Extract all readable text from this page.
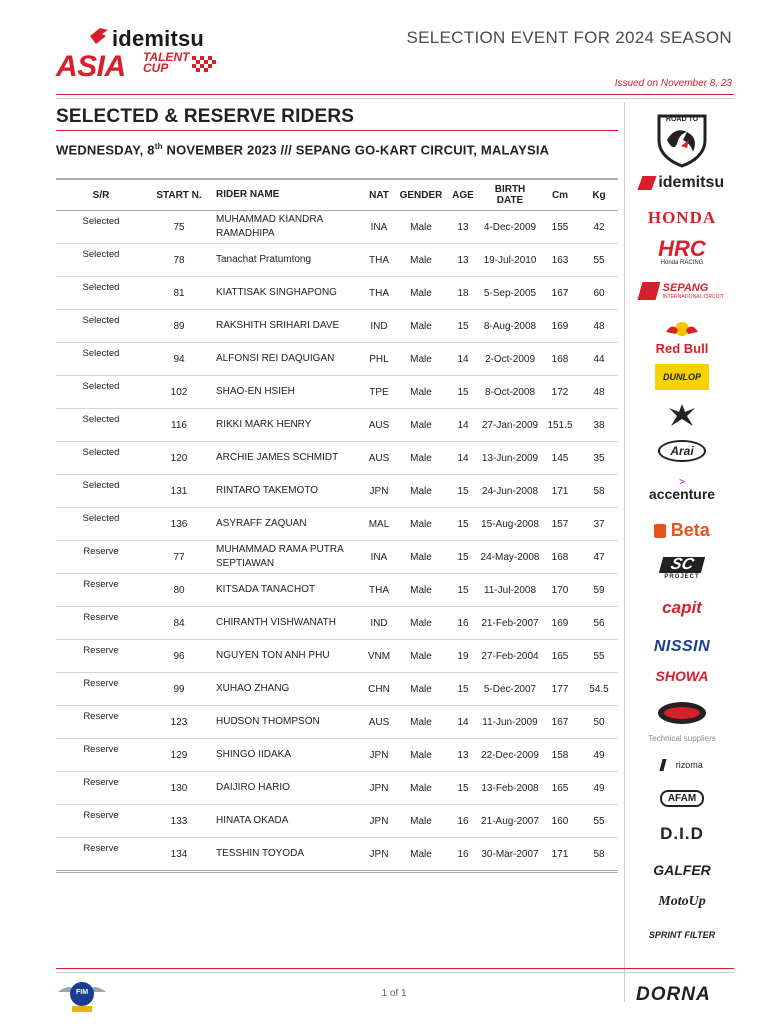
idemitsu
ASIA TALENT
CUP
SELECTION EVENT FOR 2024 SEASON
Issued on November 8, 23
SELECTED & RESERVE RIDERS
WEDNESDAY, 8th NOVEMBER 2023 /// SEPANG GO-KART CIRCUIT, MALAYSIA
S/R	START N.	RIDER NAME	NAT	GENDER	AGE	BIRTH DATE	Cm	Kg
Selected	75	MUHAMMAD KIANDRA RAMADHIPA	INA	Male	13	4-Dec-2009	155	42
Selected	78	Tanachat Pratumtong	THA	Male	13	19-Jul-2010	163	55
Selected	81	KIATTISAK SINGHAPONG	THA	Male	18	5-Sep-2005	167	60
Selected	89	RAKSHITH SRIHARI DAVE	IND	Male	15	8-Aug-2008	169	48
Selected	94	ALFONSI REI DAQUIGAN	PHL	Male	14	2-Oct-2009	168	44
Selected	102	SHAO-EN HSIEH	TPE	Male	15	8-Oct-2008	172	48
Selected	116	RIKKI MARK HENRY	AUS	Male	14	27-Jan-2009	151.5	38
Selected	120	ARCHIE JAMES SCHMIDT	AUS	Male	14	13-Jun-2009	145	35
Selected	131	RINTARO TAKEMOTO	JPN	Male	15	24-Jun-2008	171	58
Selected	136	ASYRAFF ZAQUAN	MAL	Male	15	15-Aug-2008	157	37
Reserve	77	MUHAMMAD RAMA PUTRA SEPTIAWAN	INA	Male	15	24-May-2008	168	47
Reserve	80	KITSADA TANACHOT	THA	Male	15	11-Jul-2008	170	59
Reserve	84	CHIRANTH VISHWANATH	IND	Male	16	21-Feb-2007	169	56
Reserve	96	NGUYEN TON ANH PHU	VNM	Male	19	27-Feb-2004	165	55
Reserve	99	XUHAO ZHANG	CHN	Male	15	5-Dec-2007	177	54.5
Reserve	123	HUDSON THOMPSON	AUS	Male	14	11-Jun-2009	167	50
Reserve	129	SHINGO IIDAKA	JPN	Male	13	22-Dec-2009	158	49
Reserve	130	DAIJIRO HARIO	JPN	Male	15	13-Feb-2008	165	49
Reserve	133	HINATA OKADA	JPN	Male	16	21-Aug-2007	160	55
Reserve	134	TESSHIN TOYODA	JPN	Male	16	30-Mar-2007	171	58
ROAD TO
idemitsu
HONDA
HRC
Honda RACING

SEPANG
INTERNATIONAL CIRCUIT
Red Bull
DUNLOP
Arai
>
accenture
Beta
SC
PROJECT
capit
NISSIN
SHOWA
Technical suppliers
rizoma
AFAM
D.I.D
GALFER
MotoUp
SPRINT FILTER
FIM	1 of 1	DORNA
